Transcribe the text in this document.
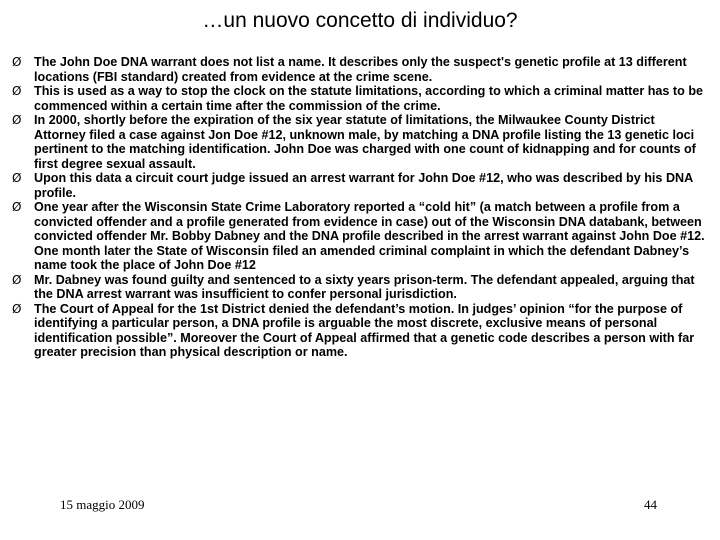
…un nuovo concetto di individuo?
Ø The John Doe DNA warrant does not list a name. It describes only the suspect's genetic profile at 13 different locations (FBI standard) created from evidence at the crime scene.
Ø This is used as a way to stop the clock on the statute limitations, according to which a criminal matter has to be commenced within a certain time after the commission of the crime.
Ø In 2000, shortly before the expiration of the six year statute of limitations, the Milwaukee County District Attorney filed a case against Jon Doe #12, unknown male, by matching a DNA profile listing the 13 genetic loci pertinent to the matching identification. John Doe was charged with one count of kidnapping and for counts of first degree sexual assault.
Ø Upon this data a circuit court judge issued an arrest warrant for John Doe #12, who was described by his DNA profile.
Ø One year after the Wisconsin State Crime Laboratory reported a “cold hit” (a match between a profile from a convicted offender and a profile generated from evidence in case) out of the Wisconsin DNA databank, between convicted offender Mr. Bobby Dabney and the DNA profile described in the arrest warrant against John Doe #12. One month later the State of Wisconsin filed an amended criminal complaint in which the defendant Dabney’s name took the place of John Doe #12
Ø Mr. Dabney was found guilty and sentenced to a sixty years prison-term. The defendant appealed, arguing that the DNA arrest warrant was insufficient to confer personal jurisdiction.
Ø The Court of Appeal for the 1st District denied the defendant’s motion. In judges’ opinion “for the purpose of identifying a particular person, a DNA profile is arguable the most discrete, exclusive means of personal identification possible”. Moreover the Court of Appeal affirmed that a genetic code describes a person with far greater precision than physical description or name.
15 maggio 2009	44
